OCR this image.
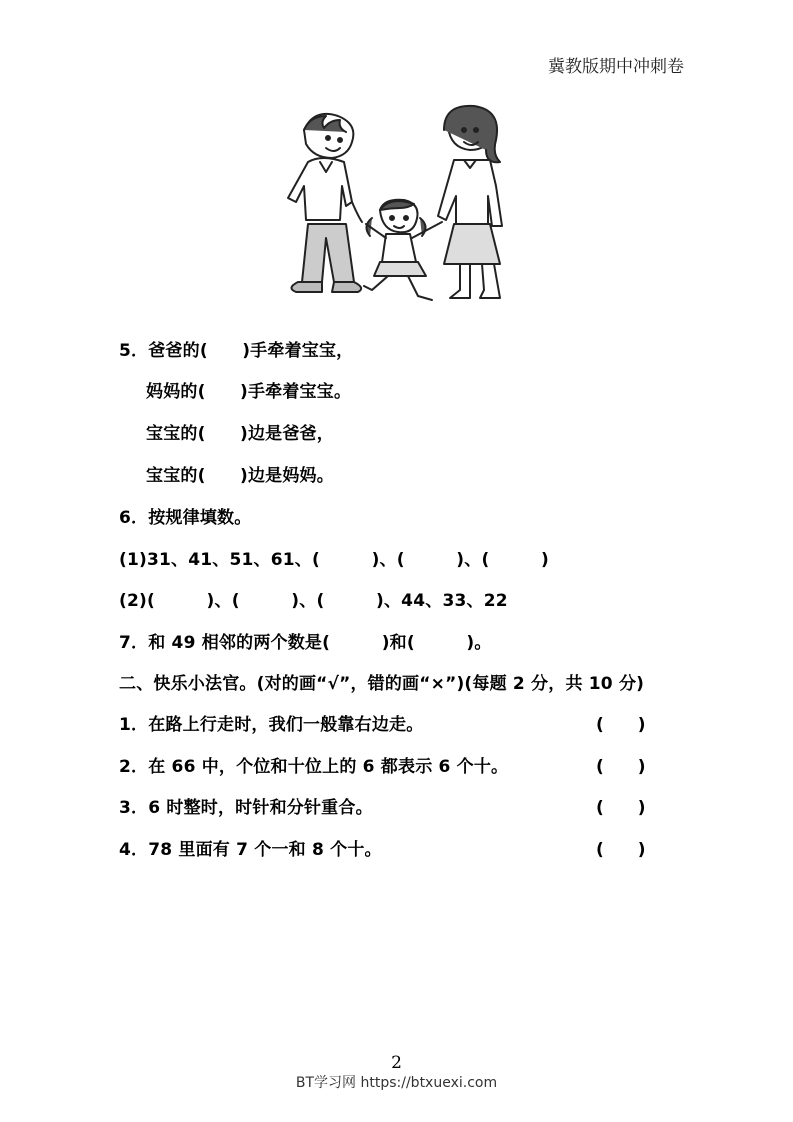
冀教版期中冲刺卷
5．爸爸的(　　)手牵着宝宝，
妈妈的(　　)手牵着宝宝。
宝宝的(　　)边是爸爸，
宝宝的(　　)边是妈妈。
6．按规律填数。
(1)31、41、51、61、(　　　)、(　　　)、(　　　)
(2)(　　　)、(　　　)、(　　　)、44、33、22
7．和 49 相邻的两个数是(　　　)和(　　　)。
二、快乐小法官。(对的画“√”，错的画“×”)(每题 2 分，共 10 分)
1．在路上行走时，我们一般靠右边走。	(　　)
2．在 66 中，个位和十位上的 6 都表示 6 个十。	(　　)
3．6 时整时，时针和分针重合。	(　　)
4．78 里面有 7 个一和 8 个十。	(　　)
2
BT学习网 https://btxuexi.com
